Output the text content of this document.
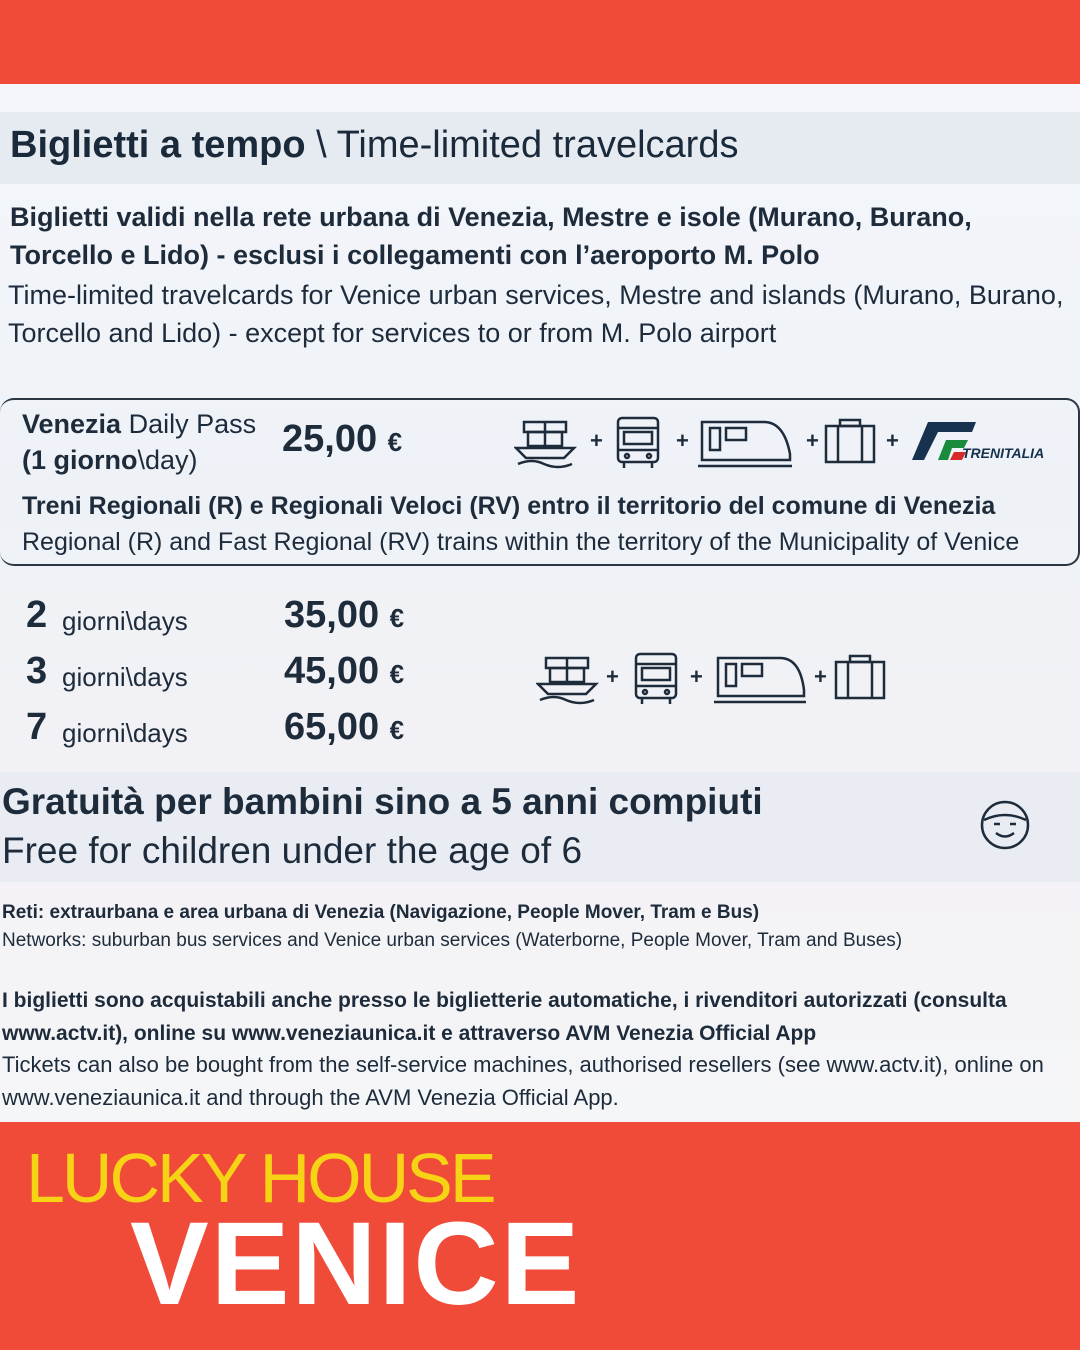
Biglietti a tempo \ Time-limited travelcards
Biglietti validi nella rete urbana di Venezia, Mestre e isole (Murano, Burano, Torcello e Lido) - esclusi i collegamenti con l’aeroporto M. Polo
Time-limited travelcards for Venice urban services, Mestre and islands (Murano, Burano, Torcello and Lido) - except for services to or from M. Polo airport
Venezia Daily Pass
(1 giorno\day)	25,00 €	+	+	+	+	TRENITALIA
Treni Regionali (R) e Regionali Veloci (RV) entro il territorio del comune di Venezia
Regional (R) and Fast Regional (RV) trains within the territory of the Municipality of Venice
2 giorni\days	35,00 €
3 giorni\days	45,00 €
7 giorni\days	65,00 €
+	+	+
Gratuità per bambini sino a 5 anni compiuti
Free for children under the age of 6
Reti: extraurbana e area urbana di Venezia (Navigazione, People Mover, Tram e Bus)
Networks: suburban bus services and Venice urban services (Waterborne, People Mover, Tram and Buses)
I biglietti sono acquistabili anche presso le biglietterie automatiche, i rivenditori autorizzati (consulta www.actv.it), online su www.veneziaunica.it e attraverso AVM Venezia Official App
Tickets can also be bought from the self-service machines, authorised resellers (see www.actv.it), online on www.veneziaunica.it and through the AVM Venezia Official App.
LUCKY HOUSE
VENICE
